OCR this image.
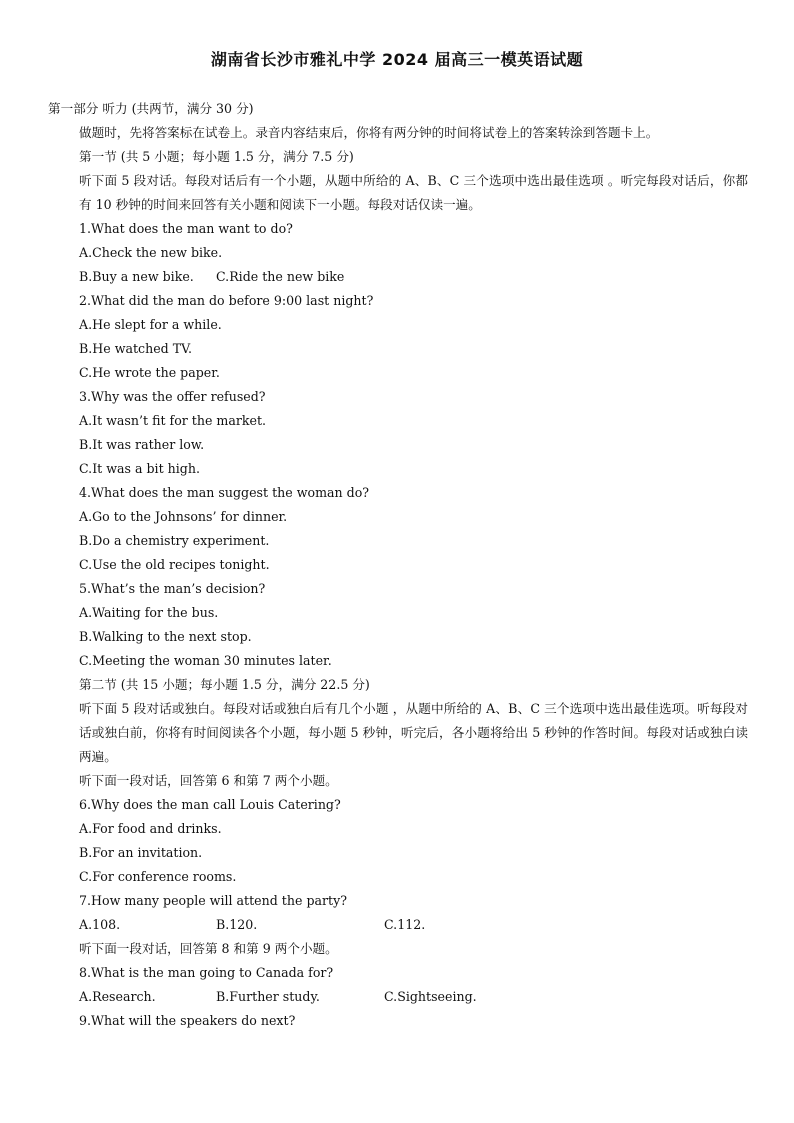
湖南省长沙市雅礼中学 2024 届高三一模英语试题
第一部分 听力 (共两节，满分 30 分)
做题时，先将答案标在试卷上。录音内容结束后，你将有两分钟的时间将试卷上的答案转涂到答题卡上。
第一节 (共 5 小题；每小题 1.5 分，满分 7.5 分)
听下面 5 段对话。每段对话后有一个小题，从题中所给的 A、B、C 三个选项中选出最佳选项 。听完每段对话后，你都有 10 秒钟的时间来回答有关小题和阅读下一小题。每段对话仅读一遍。
1.What does the man want to do?
A.Check the new bike.
B.Buy a new bike.	C.Ride the new bike
2.What did the man do before 9:00 last night?
A.He slept for a while.
B.He watched TV.
C.He wrote the paper.
3.Why was the offer refused?
A.It wasn’t fit for the market.
B.It was rather low.
C.It was a bit high.
4.What does the man suggest the woman do?
A.Go to the Johnsons’ for dinner.
B.Do a chemistry experiment.
C.Use the old recipes tonight.
5.What’s the man’s decision?
A.Waiting for the bus.
B.Walking to the next stop.
C.Meeting the woman 30 minutes later.
第二节 (共 15 小题；每小题 1.5 分，满分 22.5 分)
听下面 5 段对话或独白。每段对话或独白后有几个小题 ，从题中所给的 A、B、C 三个选项中选出最佳选项。听每段对话或独白前，你将有时间阅读各个小题，每小题 5 秒钟，听完后，各小题将给出 5 秒钟的作答时间。每段对话或独白读两遍。
听下面一段对话，回答第 6 和第 7 两个小题。
6.Why does the man call Louis Catering?
A.For food and drinks.
B.For an invitation.
C.For conference rooms.
7.How many people will attend the party?
A.108.	B.120.	C.112.
听下面一段对话，回答第 8 和第 9 两个小题。
8.What is the man going to Canada for?
A.Research.	B.Further study.	C.Sightseeing.
9.What will the speakers do next?
